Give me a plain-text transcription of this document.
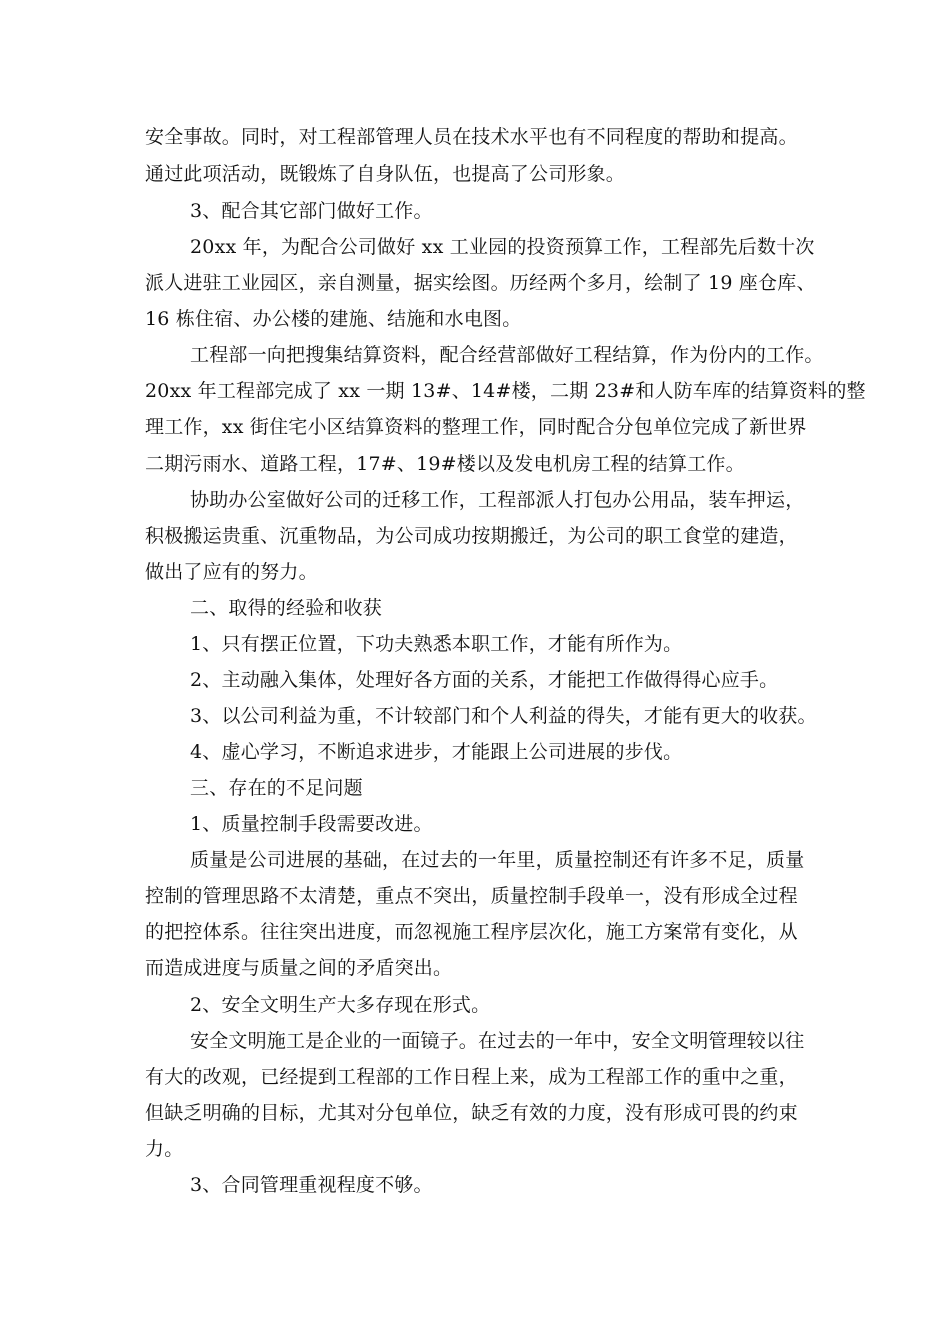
安全事故。同时，对工程部管理人员在技术水平也有不同程度的帮助和提高。
通过此项活动，既锻炼了自身队伍，也提高了公司形象。
3、配合其它部门做好工作。
20xx 年，为配合公司做好 xx 工业园的投资预算工作，工程部先后数十次
派人进驻工业园区，亲自测量，据实绘图。历经两个多月，绘制了 19 座仓库、
16 栋住宿、办公楼的建施、结施和水电图。
工程部一向把搜集结算资料，配合经营部做好工程结算，作为份内的工作。
20xx 年工程部完成了 xx 一期 13#、14#楼，二期 23#和人防车库的结算资料的整
理工作，xx 街住宅小区结算资料的整理工作，同时配合分包单位完成了新世界
二期污雨水、道路工程，17#、19#楼以及发电机房工程的结算工作。
协助办公室做好公司的迁移工作，工程部派人打包办公用品，装车押运，
积极搬运贵重、沉重物品，为公司成功按期搬迁，为公司的职工食堂的建造，
做出了应有的努力。
二、取得的经验和收获
1、只有摆正位置，下功夫熟悉本职工作，才能有所作为。
2、主动融入集体，处理好各方面的关系，才能把工作做得得心应手。
3、以公司利益为重，不计较部门和个人利益的得失，才能有更大的收获。
4、虚心学习，不断追求进步，才能跟上公司进展的步伐。
三、存在的不足问题
1、质量控制手段需要改进。
质量是公司进展的基础，在过去的一年里，质量控制还有许多不足，质量
控制的管理思路不太清楚，重点不突出，质量控制手段单一，没有形成全过程
的把控体系。往往突出进度，而忽视施工程序层次化，施工方案常有变化，从
而造成进度与质量之间的矛盾突出。
2、安全文明生产大多存现在形式。
安全文明施工是企业的一面镜子。在过去的一年中，安全文明管理较以往
有大的改观，已经提到工程部的工作日程上来，成为工程部工作的重中之重，
但缺乏明确的目标，尤其对分包单位，缺乏有效的力度，没有形成可畏的约束
力。
3、合同管理重视程度不够。
